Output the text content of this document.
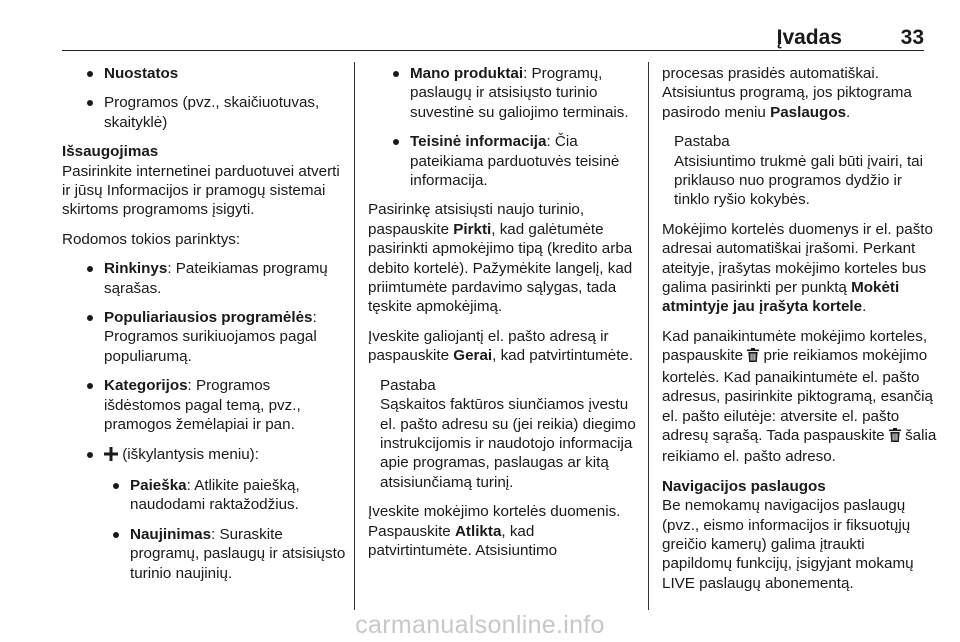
Įvadas	33
Nuostatos
Programos (pvz., skaičiuotuvas, skaityklė)
Išsaugojimas

Pasirinkite internetinei parduotuvei atverti ir jūsų Informacijos ir pramogų sistemai skirtoms programoms įsigyti.

Rodomos tokios parinktys:

Rinkinys: Pateikiamas programų sąrašas.
Populiariausios programėlės: Programos surikiuojamos pagal populiarumą.
Kategorijos: Programos išdėstomos pagal temą, pvz., pramogos žemėlapiai ir pan.
(iškylantysis meniu):
Paieška: Atlikite paiešką, naudodami raktažodžius.
Naujinimas: Suraskite programų, paslaugų ir atsisiųsto turinio naujinių.
Mano produktai: Programų, paslaugų ir atsisiųsto turinio suvestinė su galiojimo terminais.
Teisinė informacija: Čia pateikiama parduotuvės teisinė informacija.

Pasirinkę atsisiųsti naujo turinio, paspauskite Pirkti, kad galėtumėte pasirinkti apmokėjimo tipą (kredito arba debito kortelė). Pažymėkite langelį, kad priimtumėte pardavimo sąlygas, tada tęskite apmokėjimą.

Įveskite galiojantį el. pašto adresą ir paspauskite Gerai, kad patvirtintumėte.

Pastaba
Sąskaitos faktūros siunčiamos įvestu el. pašto adresu su (jei reikia) diegimo instrukcijomis ir naudotojo informacija apie programas, paslaugas ar kitą atsisiunčiamą turinį.

Įveskite mokėjimo kortelės duomenis. Paspauskite Atlikta, kad patvirtintumėte. Atsisiuntimo

procesas prasidės automatiškai. Atsisiuntus programą, jos piktograma pasirodo meniu Paslaugos.

Pastaba
Atsisiuntimo trukmė gali būti įvairi, tai priklauso nuo programos dydžio ir tinklo ryšio kokybės.

Mokėjimo kortelės duomenys ir el. pašto adresai automatiškai įrašomi. Perkant ateityje, įrašytas mokėjimo korteles bus galima pasirinkti per punktą Mokėti atmintyje jau įrašyta kortele.

Kad panaikintumėte mokėjimo korteles, paspauskite  prie reikiamos mokėjimo kortelės. Kad panaikintumėte el. pašto adresus, pasirinkite piktogramą, esančią el. pašto eilutėje: atversite el. pašto adresų sąrašą. Tada paspauskite  šalia reikiamo el. pašto adreso.

Navigacijos paslaugos

Be nemokamų navigacijos paslaugų (pvz., eismo informacijos ir fiksuotųjų greičio kamerų) galima įtraukti papildomų funkcijų, įsigyjant mokamų LIVE paslaugų abonementą.

carmanualsonline.info
